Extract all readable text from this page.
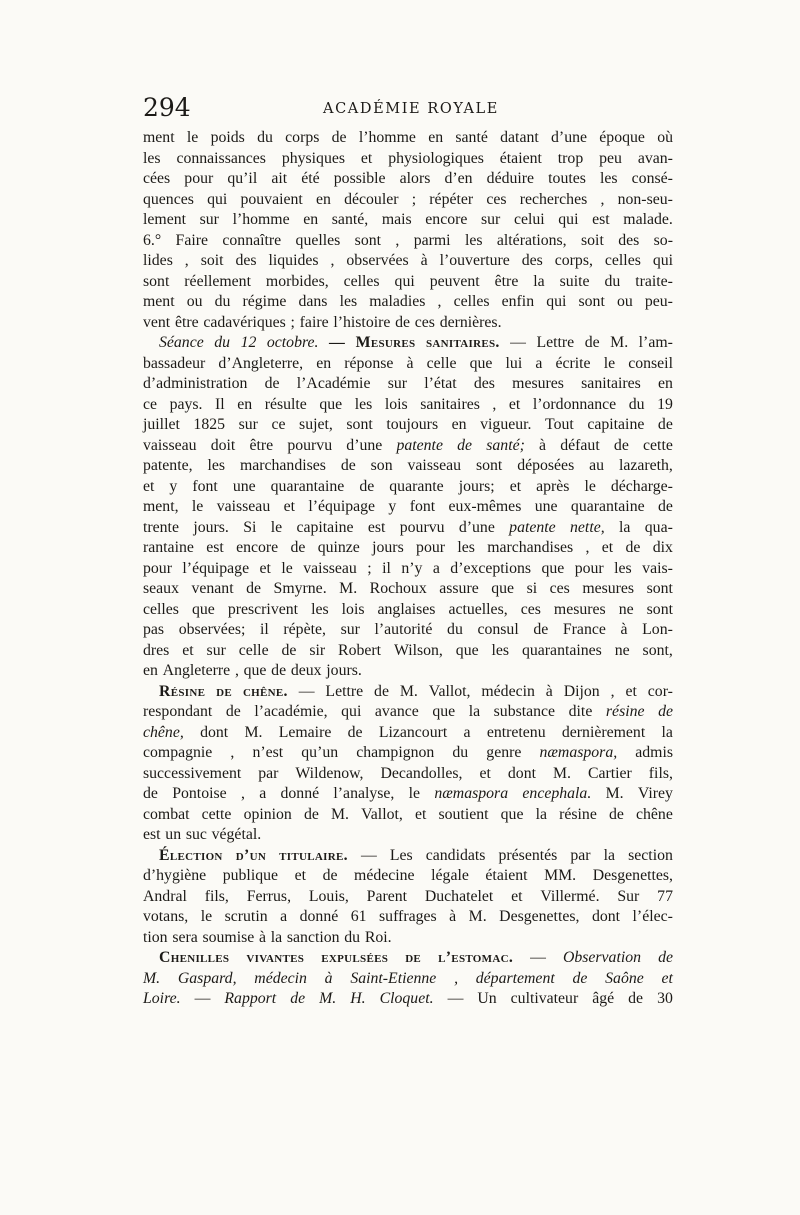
294	ACADÉMIE ROYALE
ment le poids du corps de l’homme en santé datant d’une époque où
les connaissances physiques et physiologiques étaient trop peu avan-
cées pour qu’il ait été possible alors d’en déduire toutes les consé-
quences qui pouvaient en découler ; répéter ces recherches , non-seu-
lement sur l’homme en santé, mais encore sur celui qui est malade.
6.° Faire connaître quelles sont , parmi les altérations, soit des so-
lides , soit des liquides , observées à l’ouverture des corps, celles qui
sont réellement morbides, celles qui peuvent être la suite du traite-
ment ou du régime dans les maladies , celles enfin qui sont ou peu-
vent être cadavériques ; faire l’histoire de ces dernières.
Séance du 12 octobre. — Mesures sanitaires. — Lettre de M. l’am-
bassadeur d’Angleterre, en réponse à celle que lui a écrite le conseil
d’administration de l’Académie sur l’état des mesures sanitaires en
ce pays. Il en résulte que les lois sanitaires , et l’ordonnance du 19
juillet 1825 sur ce sujet, sont toujours en vigueur. Tout capitaine de
vaisseau doit être pourvu d’une patente de santé; à défaut de cette
patente, les marchandises de son vaisseau sont déposées au lazareth,
et y font une quarantaine de quarante jours; et après le décharge-
ment, le vaisseau et l’équipage y font eux-mêmes une quarantaine de
trente jours. Si le capitaine est pourvu d’une patente nette, la qua-
rantaine est encore de quinze jours pour les marchandises , et de dix
pour l’équipage et le vaisseau ; il n’y a d’exceptions que pour les vais-
seaux venant de Smyrne. M. Rochoux assure que si ces mesures sont
celles que prescrivent les lois anglaises actuelles, ces mesures ne sont
pas observées; il répète, sur l’autorité du consul de France à Lon-
dres et sur celle de sir Robert Wilson, que les quarantaines ne sont,
en Angleterre , que de deux jours.
Résine de chêne. — Lettre de M. Vallot, médecin à Dijon , et cor-
respondant de l’académie, qui avance que la substance dite résine de
chêne, dont M. Lemaire de Lizancourt a entretenu dernièrement la
compagnie , n’est qu’un champignon du genre næmaspora, admis
successivement par Wildenow, Decandolles, et dont M. Cartier fils,
de Pontoise , a donné l’analyse, le næmaspora encephala. M. Virey
combat cette opinion de M. Vallot, et soutient que la résine de chêne
est un suc végétal.
Élection d’un titulaire. — Les candidats présentés par la section
d’hygiène publique et de médecine légale étaient MM. Desgenettes,
Andral fils, Ferrus, Louis, Parent Duchatelet et Villermé. Sur 77
votans, le scrutin a donné 61 suffrages à M. Desgenettes, dont l’élec-
tion sera soumise à la sanction du Roi.
Chenilles vivantes expulsées de l’estomac. — Observation de
M. Gaspard, médecin à Saint-Etienne , département de Saône et
Loire. — Rapport de M. H. Cloquet. — Un cultivateur âgé de 30
